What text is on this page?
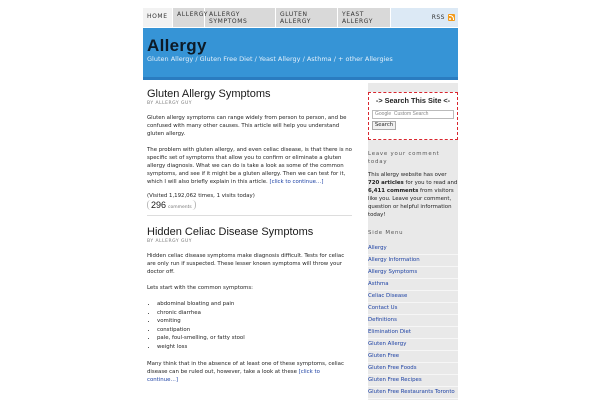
HOME	ALLERGY ALLERGY SYMPTOMS
GLUTEN ALLERGY
YEAST ALLERGY
RSS
Allergy
Gluten Allergy / Gluten Free Diet / Yeast Allergy / Asthma / + other Allergies
Gluten Allergy Symptoms
BY ALLERGY GUY
Gluten allergy symptoms can range widely from person to person, and be confused with many other causes. This article will help you understand gluten allergy.
The problem with gluten allergy, and even celiac disease, is that there is no specific set of symptoms that allow you to confirm or eliminate a gluten allergy diagnosis. What we can do is take a look as some of the common symptoms, and see if it might be a gluten allergy. Then we can test for it, which I will also briefly explain in this article. [click to continue…]
(Visited 1,192,062 times, 1 visits today)
296 comments
Hidden Celiac Disease Symptoms
BY ALLERGY GUY
Hidden celiac disease symptoms make diagnosis difficult. Tests for celiac are only run if suspected. These lesser known symptoms will throw your doctor off.
Lets start with the common symptoms:
• abdominal bloating and pain
• chronic diarrhea
• vomiting
• constipation
• pale, foul-smelling, or fatty stool
• weight loss
Many think that in the absence of at least one of these symptoms, celiac disease can be ruled out, however, take a look at these [click to continue…]
-> Search This Site <-
Google Custom Search
Search
Leave your comment today
This allergy website has over 720 articles for you to read and 6,411 comments from visitors like you. Leave your comment, question or helpful information today!
Side Menu
Allergy
Allergy Information
Allergy Symptoms
Asthma
Celiac Disease
Contact Us
Definitions
Elimination Diet
Gluten Allergy
Gluten Free
Gluten Free Foods
Gluten Free Recipes
Gluten Free Restaurants Toronto
